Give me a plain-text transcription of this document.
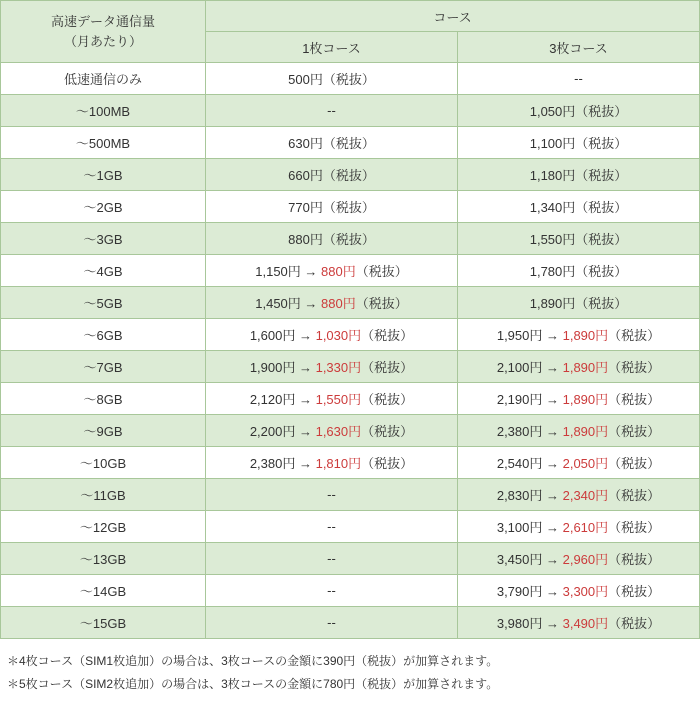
高速データ通信量
（月あたり）	コース	
	1枚コース	3枚コース
低速通信のみ	500円（税抜）	--
～100MB	--	1,050円（税抜）
～500MB	630円（税抜）	1,100円（税抜）
～1GB	660円（税抜）	1,180円（税抜）
～2GB	770円（税抜）	1,340円（税抜）
～3GB	880円（税抜）	1,550円（税抜）
～4GB	1,150円 → 880円（税抜）	1,780円（税抜）
～5GB	1,450円 → 880円（税抜）	1,890円（税抜）
～6GB	1,600円 → 1,030円（税抜）	1,950円 → 1,890円（税抜）
～7GB	1,900円 → 1,330円（税抜）	2,100円 → 1,890円（税抜）
～8GB	2,120円 → 1,550円（税抜）	2,190円 → 1,890円（税抜）
～9GB	2,200円 → 1,630円（税抜）	2,380円 → 1,890円（税抜）
～10GB	2,380円 → 1,810円（税抜）	2,540円 → 2,050円（税抜）
～11GB	--	2,830円 → 2,340円（税抜）
～12GB	--	3,100円 → 2,610円（税抜）
～13GB	--	3,450円 → 2,960円（税抜）
～14GB	--	3,790円 → 3,300円（税抜）
～15GB	--	3,980円 → 3,490円（税抜）
＊4枚コース（SIM1枚追加）の場合は、3枚コースの金額に390円（税抜）が加算されます。
＊5枚コース（SIM2枚追加）の場合は、3枚コースの金額に780円（税抜）が加算されます。
